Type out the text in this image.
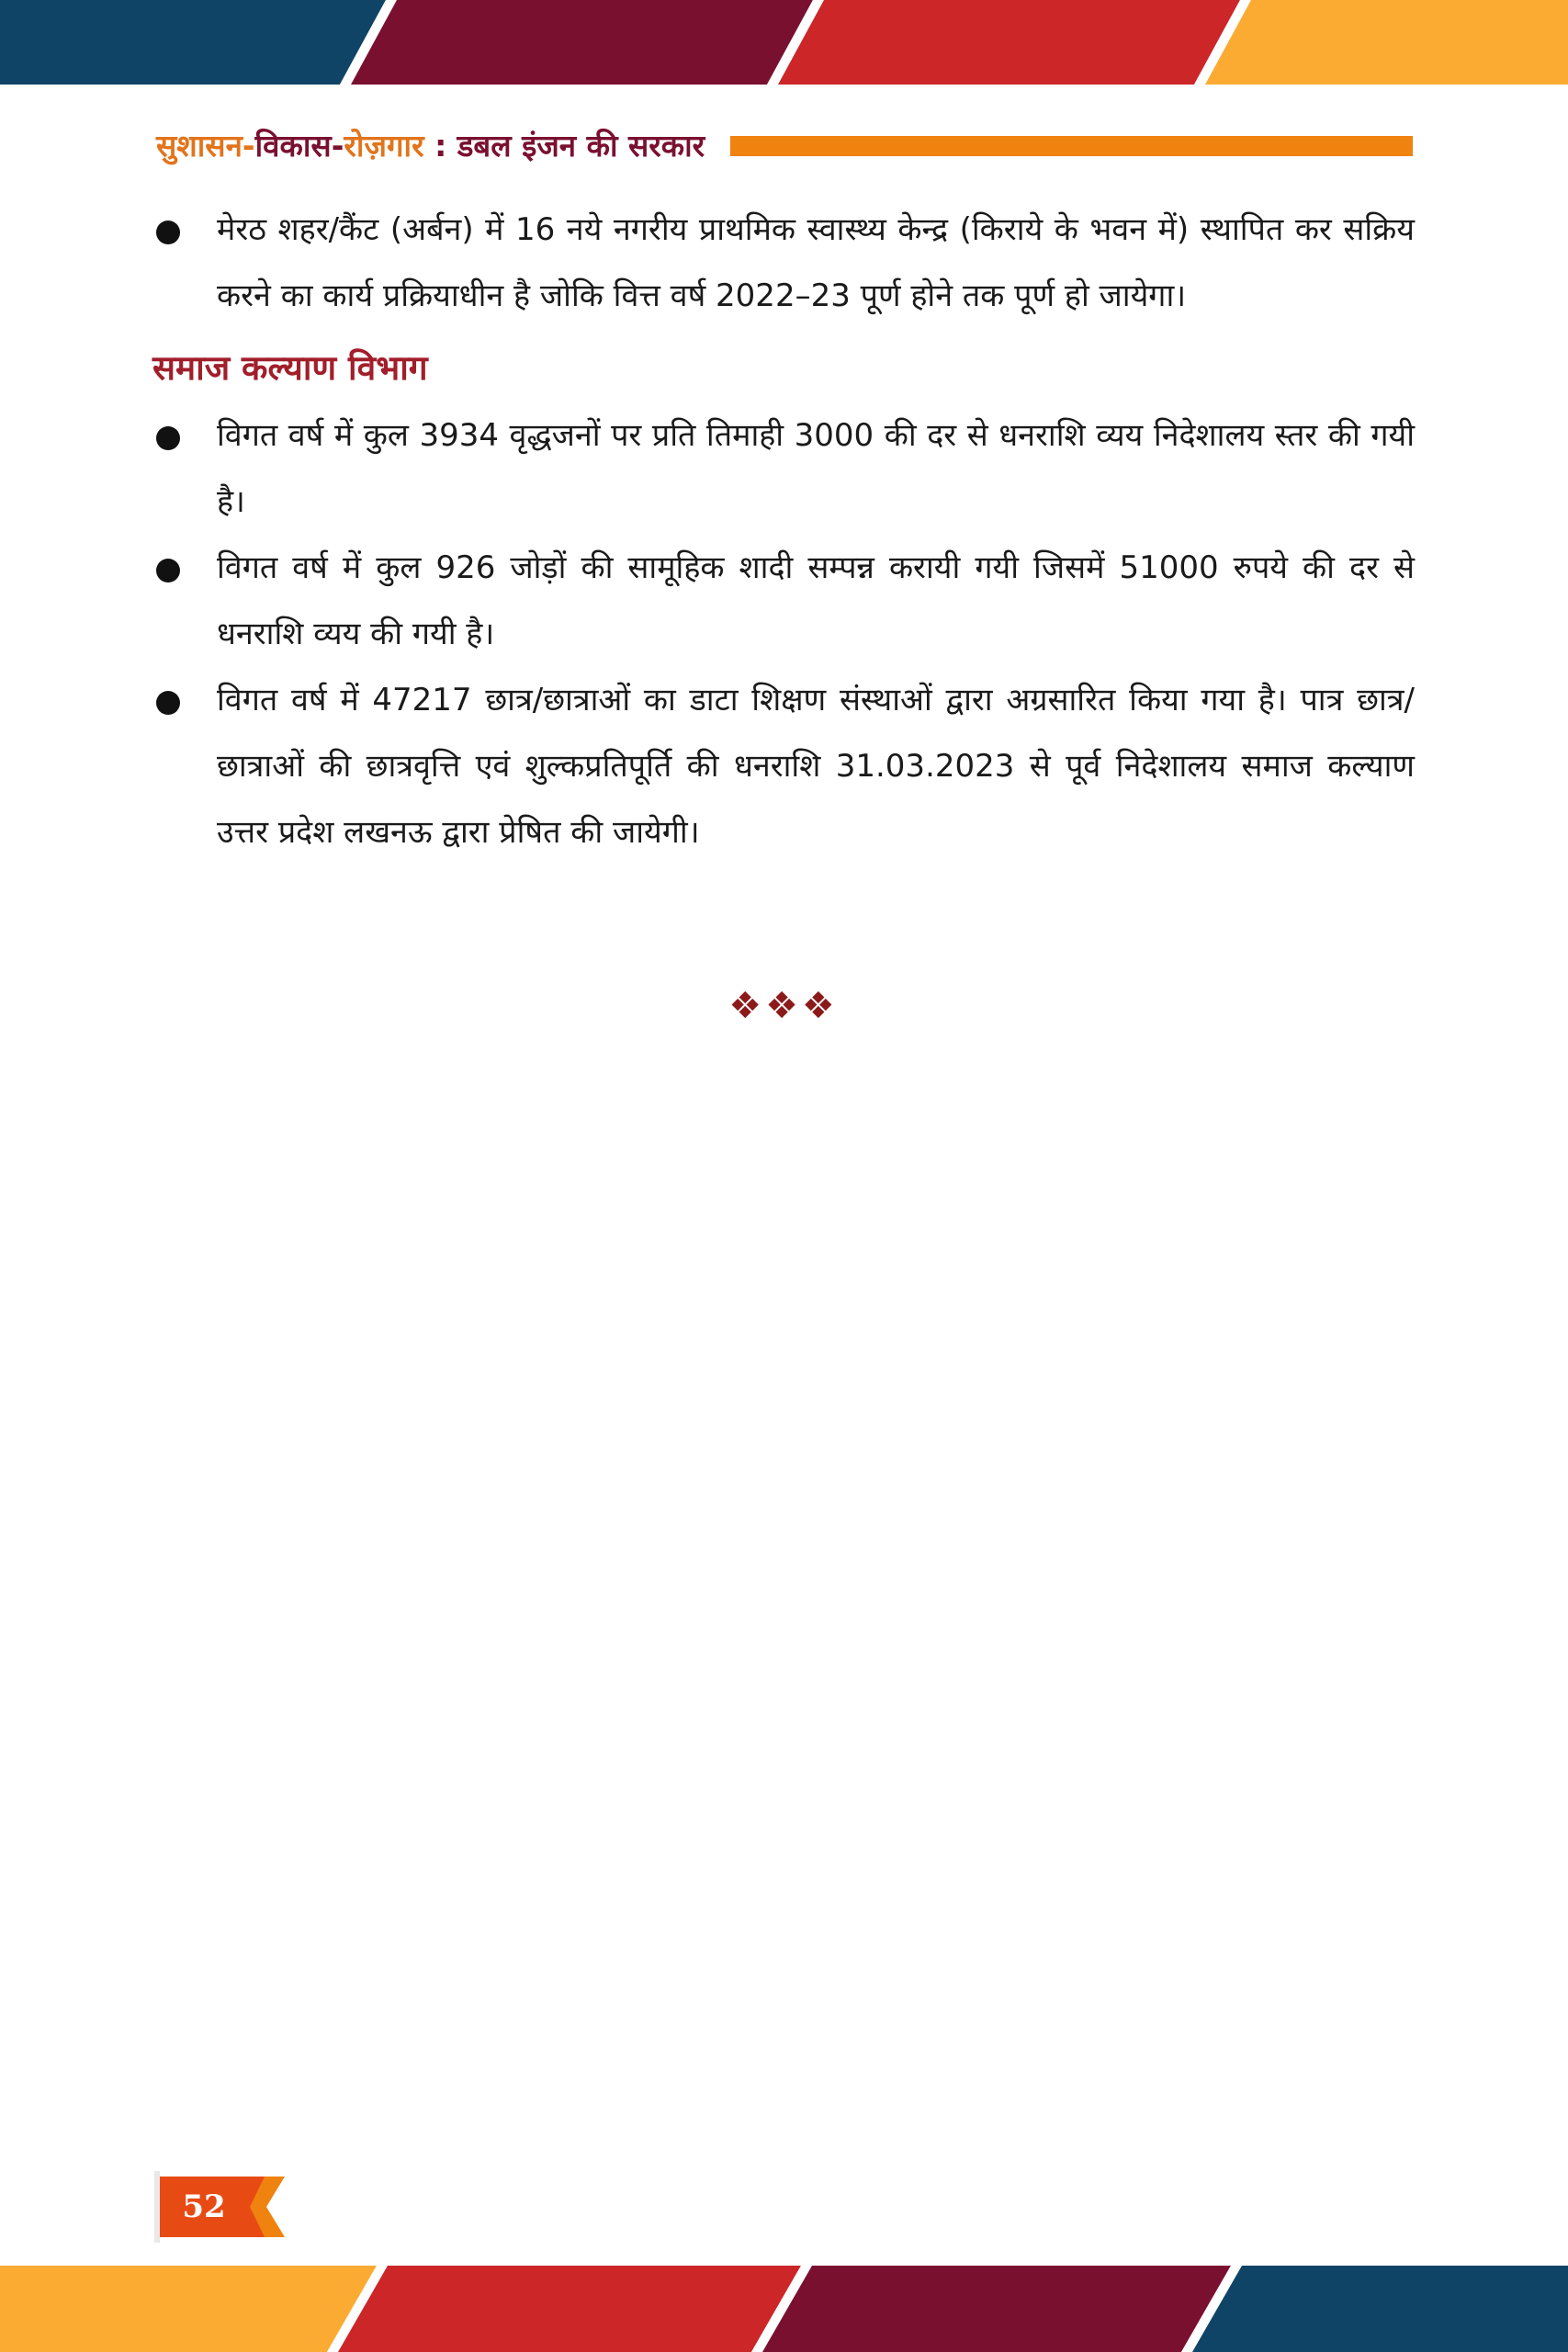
सुशासन-विकास-रोज़गार : डबल इंजन की सरकार

मेरठ शहर/कैंट (अर्बन) में 16 नये नगरीय प्राथमिक स्वास्थ्य केन्द्र (किराये के भवन में) स्थापित कर सक्रिय करने का कार्य प्रक्रियाधीन है जोकि वित्त वर्ष 2022–23 पूर्ण होने तक पूर्ण हो जायेगा।

समाज कल्याण विभाग

विगत वर्ष में कुल 3934 वृद्धजनों पर प्रति तिमाही 3000 की दर से धनराशि व्यय निदेशालय स्तर की गयी है।

विगत वर्ष में कुल 926 जोड़ों की सामूहिक शादी सम्पन्न करायी गयी जिसमें 51000 रुपये की दर से धनराशि व्यय की गयी है।

विगत वर्ष में 47217 छात्र/छात्राओं का डाटा शिक्षण संस्थाओं द्वारा अग्रसारित किया गया है। पात्र छात्र/छात्राओं की छात्रवृत्ति एवं शुल्कप्रतिपूर्ति की धनराशि 31.03.2023 से पूर्व निदेशालय समाज कल्याण उत्तर प्रदेश लखनऊ द्वारा प्रेषित की जायेगी।

❖❖❖
52
